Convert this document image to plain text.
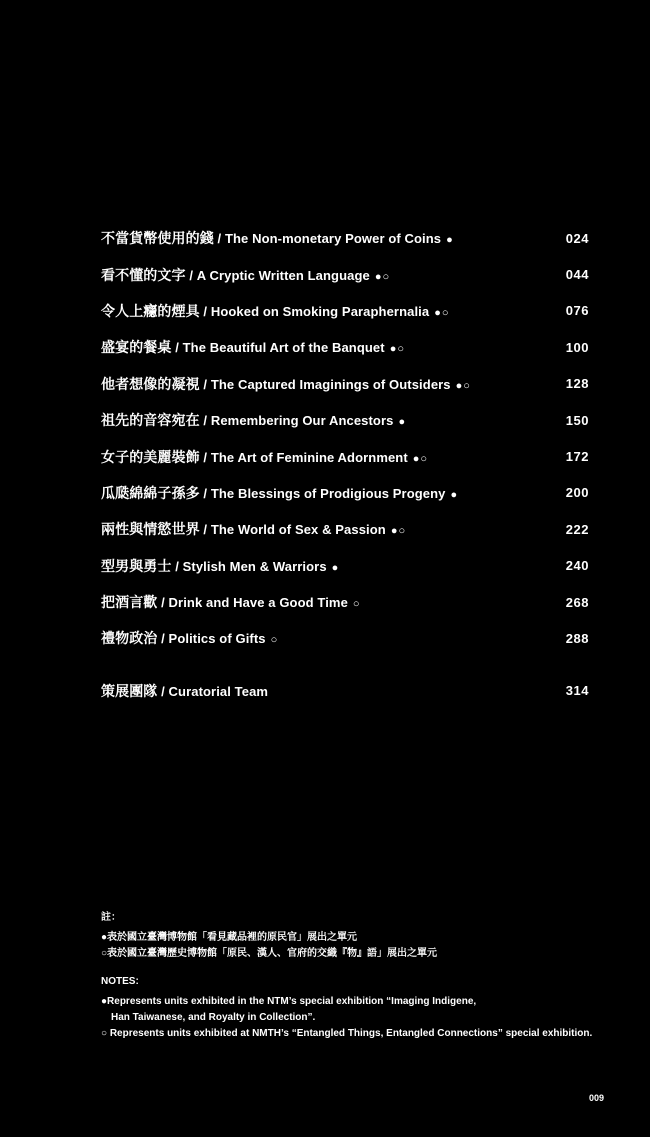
不當貨幣使用的錢 / The Non-monetary Power of Coins ●	024
看不懂的文字 / A Cryptic Written Language ●○	044
令人上癮的煙具 / Hooked on Smoking Paraphernalia ●○	076
盛宴的餐桌 / The Beautiful Art of the Banquet ●○	100
他者想像的凝視 / The Captured Imaginings of Outsiders ●○	128
祖先的音容宛在 / Remembering Our Ancestors ●	150
女子的美麗裝飾 / The Art of Feminine Adornment ●○	172
瓜瓞綿綿子孫多 / The Blessings of Prodigious Progeny ●	200
兩性與情慾世界 / The World of Sex & Passion ●○	222
型男與勇士 / Stylish Men & Warriors ●	240
把酒言歡 / Drink and Have a Good Time ○	268
禮物政治 / Politics of Gifts ○	288
策展團隊 / Curatorial Team	314
註：
●表於國立臺灣博物館「看見藏品裡的原民官」展出之單元
○表於國立臺灣歷史博物館「原民、漢人、官府的交織『物』語」展出之單元
NOTES:
●Represents units exhibited in the NTM’s special exhibition “Imaging Indigene,
Han Taiwanese, and Royalty in Collection”.
○ Represents units exhibited at NMTH’s “Entangled Things, Entangled Connections” special exhibition.
009
